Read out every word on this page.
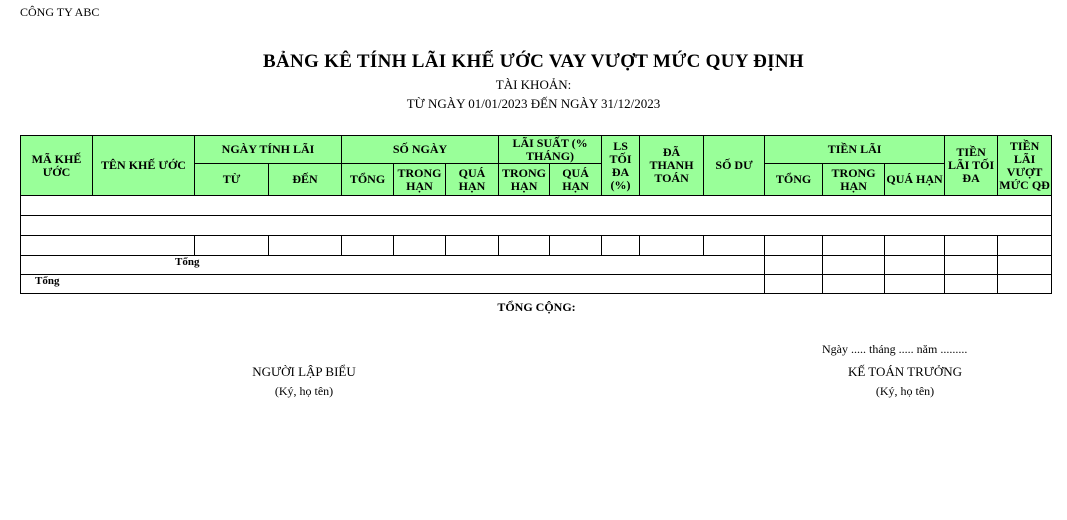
CÔNG TY ABC
BẢNG KÊ TÍNH LÃI KHẾ ƯỚC VAY VƯỢT MỨC QUY ĐỊNH
TÀI KHOẢN:
TỪ NGÀY 01/01/2023 ĐẾN NGÀY 31/12/2023
MÃ KHẾ ƯỚC	TÊN KHẾ ƯỚC	NGÀY TÍNH LÃI		SỐ NGÀY			LÃI SUẤT (% THÁNG)		LS TỐI ĐA (%)	ĐÃ THANH TOÁN	SỐ DƯ	TIỀN LÃI			TIỀN LÃI TỐI ĐA	TIỀN LÃI VƯỢT MỨC QĐ
		TỪ	ĐẾN	TỔNG	TRONG HẠN	QUÁ HẠN	TRONG HẠN	QUÁ HẠN				TỔNG	TRONG HẠN	QUÁ HẠN		

Tổng																
Tổng																
TỔNG CỘNG:
Ngày ..... tháng ..... năm .........
NGƯỜI LẬP BIỂU
(Ký, họ tên)
KẾ TOÁN TRƯỞNG
(Ký, họ tên)
